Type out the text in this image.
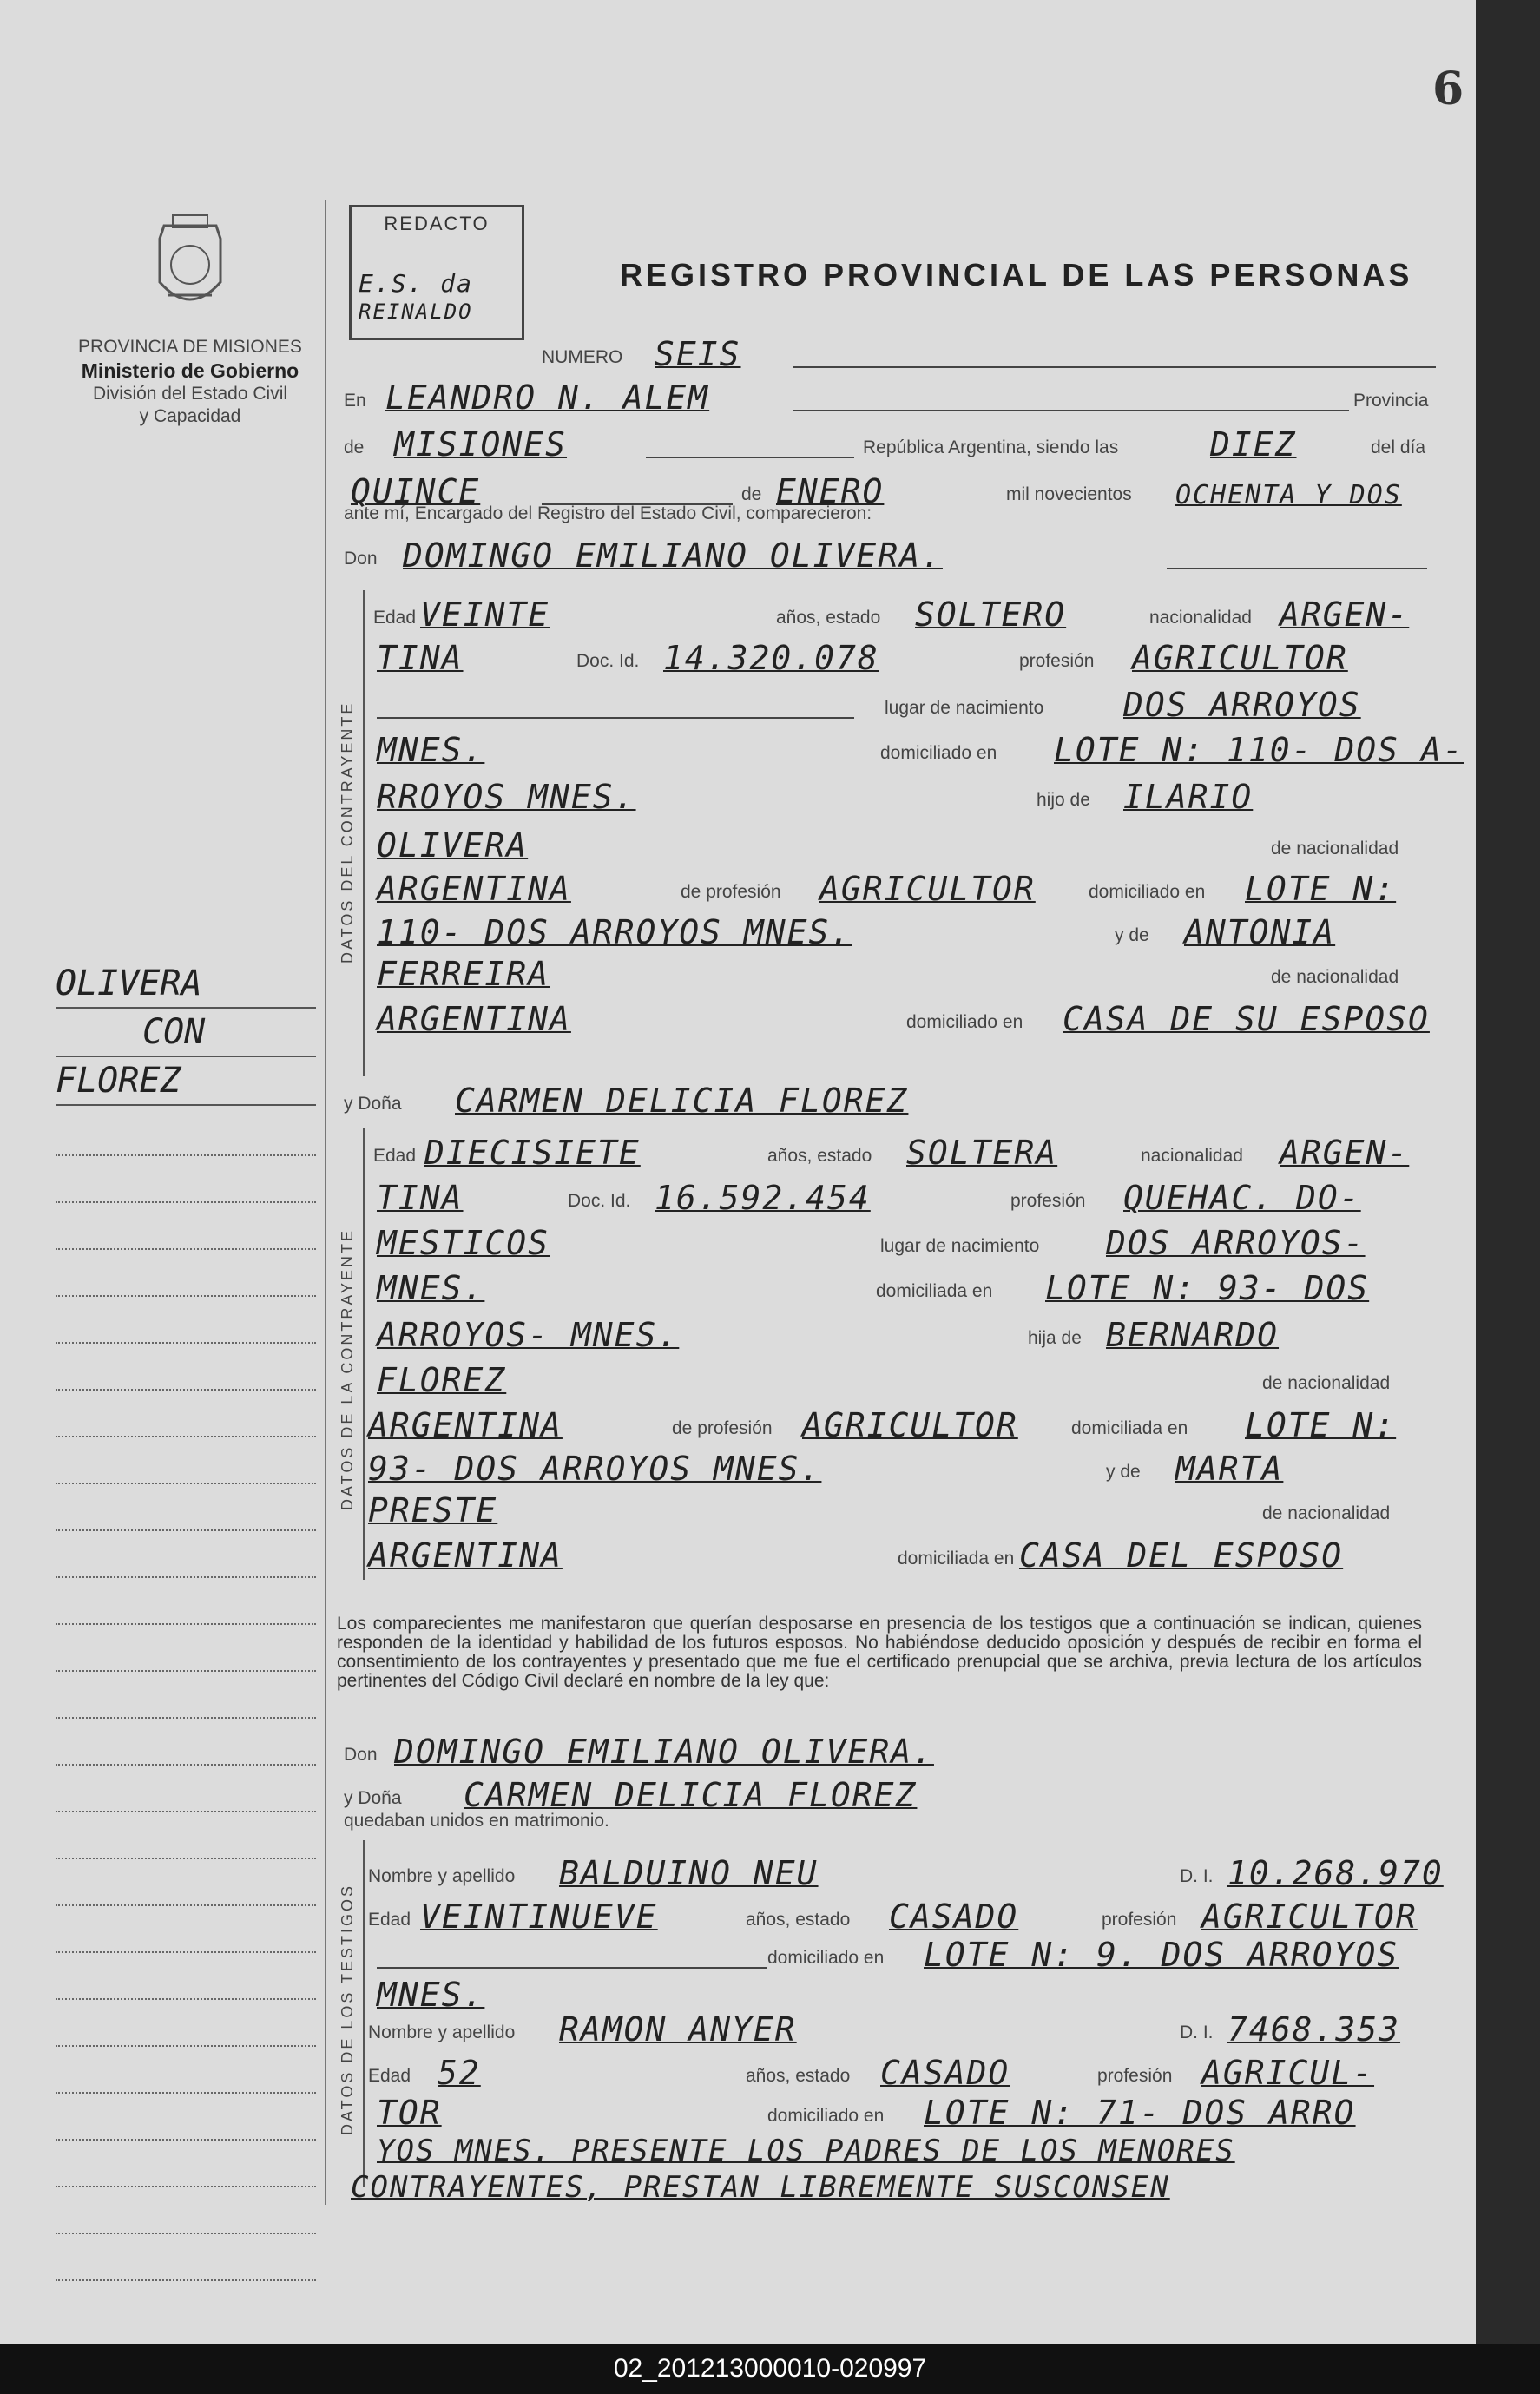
6
PROVINCIA DE MISIONES
Ministerio de Gobierno
División del Estado Civil
y Capacidad
OLIVERA
CON
FLOREZ
REDACTO
E.S. da
REINALDO
REGISTRO PROVINCIAL DE LAS PERSONAS
NUMERO SEIS
En LEANDRO N. ALEM	Provincia
de MISIONES	República Argentina, siendo las	DIEZ	del día
QUINCE	de ENERO	mil novecientos OCHENTA Y DOS
ante mí, Encargado del Registro del Estado Civil, comparecieron:
Don DOMINGO EMILIANO OLIVERA.
DATOS DEL CONTRAYENTE
Edad VEINTE	años, estado SOLTERO	nacionalidad ARGEN-
TINA	Doc. Id. 14.320.078	profesión AGRICULTOR
lugar de nacimiento DOS ARROYOS
MNES.	domiciliado en LOTE N: 110- DOS A-
RROYOS MNES.	hijo de ILARIO
OLIVERA	de nacionalidad
ARGENTINA	de profesión AGRICULTOR	domiciliado en LOTE N:
110- DOS ARROYOS MNES.	y de ANTONIA
FERREIRA	de nacionalidad
ARGENTINA	domiciliado en CASA DE SU ESPOSO
y Doña CARMEN DELICIA FLOREZ
DATOS DE LA CONTRAYENTE
Edad DIECISIETE	años, estado SOLTERA	nacionalidad ARGEN-
TINA	Doc. Id. 16.592.454	profesión QUEHAC. DO-
MESTICOS	lugar de nacimiento DOS ARROYOS-
MNES.	domiciliada en LOTE N: 93- DOS
ARROYOS- MNES.	hija de BERNARDO
FLOREZ	de nacionalidad
ARGENTINA	de profesión AGRICULTOR	domiciliada en LOTE N:
93- DOS ARROYOS MNES.	y de MARTA
PRESTE	de nacionalidad
ARGENTINA	domiciliada en CASA DEL ESPOSO
Los comparecientes me manifestaron que querían desposarse en presencia de los testigos que a continuación se indican, quienes responden de la identidad y habilidad de los futuros esposos. No habiéndose deducido oposición y después de recibir en forma el consentimiento de los contrayentes y presentado que me fue el certificado prenupcial que se archiva, previa lectura de los artículos pertinentes del Código Civil declaré en nombre de la ley que:
Don DOMINGO EMILIANO OLIVERA.
y Doña CARMEN DELICIA FLOREZ
quedaban unidos en matrimonio.
DATOS DE LOS TESTIGOS
Nombre y apellido BALDUINO NEU	D. I. 10.268.970
Edad VEINTINUEVE	años, estado CASADO	profesión AGRICULTOR
domiciliado en LOTE N: 9. DOS ARROYOS
MNES.
Nombre y apellido RAMON ANYER	D. I. 7468.353
Edad 52	años, estado CASADO	profesión AGRICUL-
TOR	domiciliado en LOTE N: 71- DOS ARRO
YOS MNES. PRESENTE LOS PADRES DE LOS MENORES
CONTRAYENTES, PRESTAN LIBREMENTE SUSCONSEN
02_201213000010-020997
